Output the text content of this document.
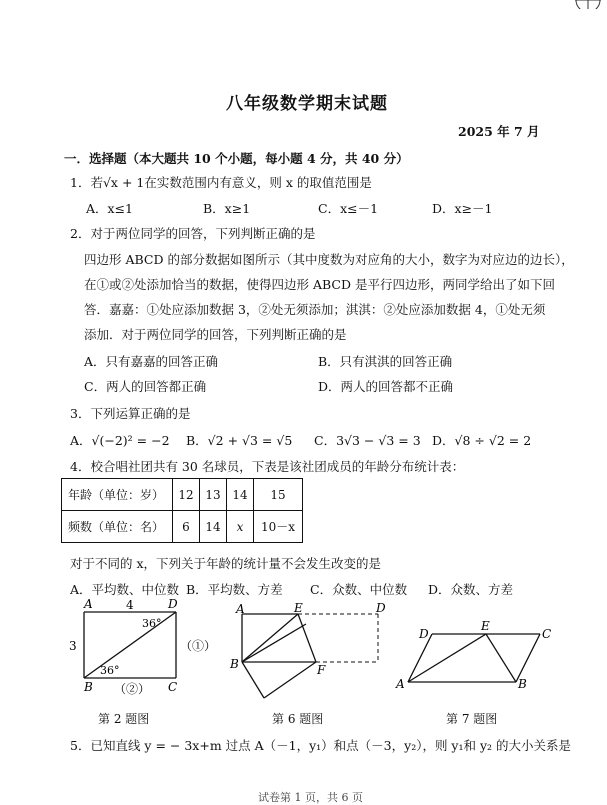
八年级数学期末试题
2025 年 7 月
一．选择题（本大题共 10 个小题，每小题 4 分，共 40 分）
1．若√x + 1在实数范围内有意义，则 x 的取值范围是
A．x≤1	B．x≥1	C．x≤－1	D．x≥－1
2．对于两位同学的回答，下列判断正确的是
四边形 ABCD 的部分数据如图所示（其中度数为对应角的大小，数字为对应边的边长），
在①或②处添加恰当的数据，使得四边形 ABCD 是平行四边形，两同学给出了如下回
答．嘉嘉：①处应添加数据 3，②处无须添加；淇淇：②处应添加数据 4，①处无须
添加．对于两位同学的回答，下列判断正确的是
A．只有嘉嘉的回答正确	B．只有淇淇的回答正确
C．两人的回答都正确	D．两人的回答都不正确
3．下列运算正确的是
A．√(−2)² = −2 B．√2 + √3 = √5 C．3√3 − √3 = 3 D．√8 ÷ √2 = 2
4．校合唱社团共有 30 名球员，下表是该社团成员的年龄分布统计表：
年龄（单位：岁）	12	13	14	15
频数（单位：名）	6	14	x	10－x
对于不同的 x，下列关于年龄的统计量不会发生改变的是
A．平均数、中位数 B．平均数、方差 C．众数、中位数 D．众数、方差
A	D
B	C
4
3
36°
36°
（①）
（②）
第 2 题图
A	E	D
B	F
第 6 题图
D
E
C
A	B
第 7 题图
5．已知直线 y = − 3x+m 过点 A（－1，y₁）和点（－3，y₂），则 y₁和 y₂ 的大小关系是
试卷第 1 页，共 6 页
